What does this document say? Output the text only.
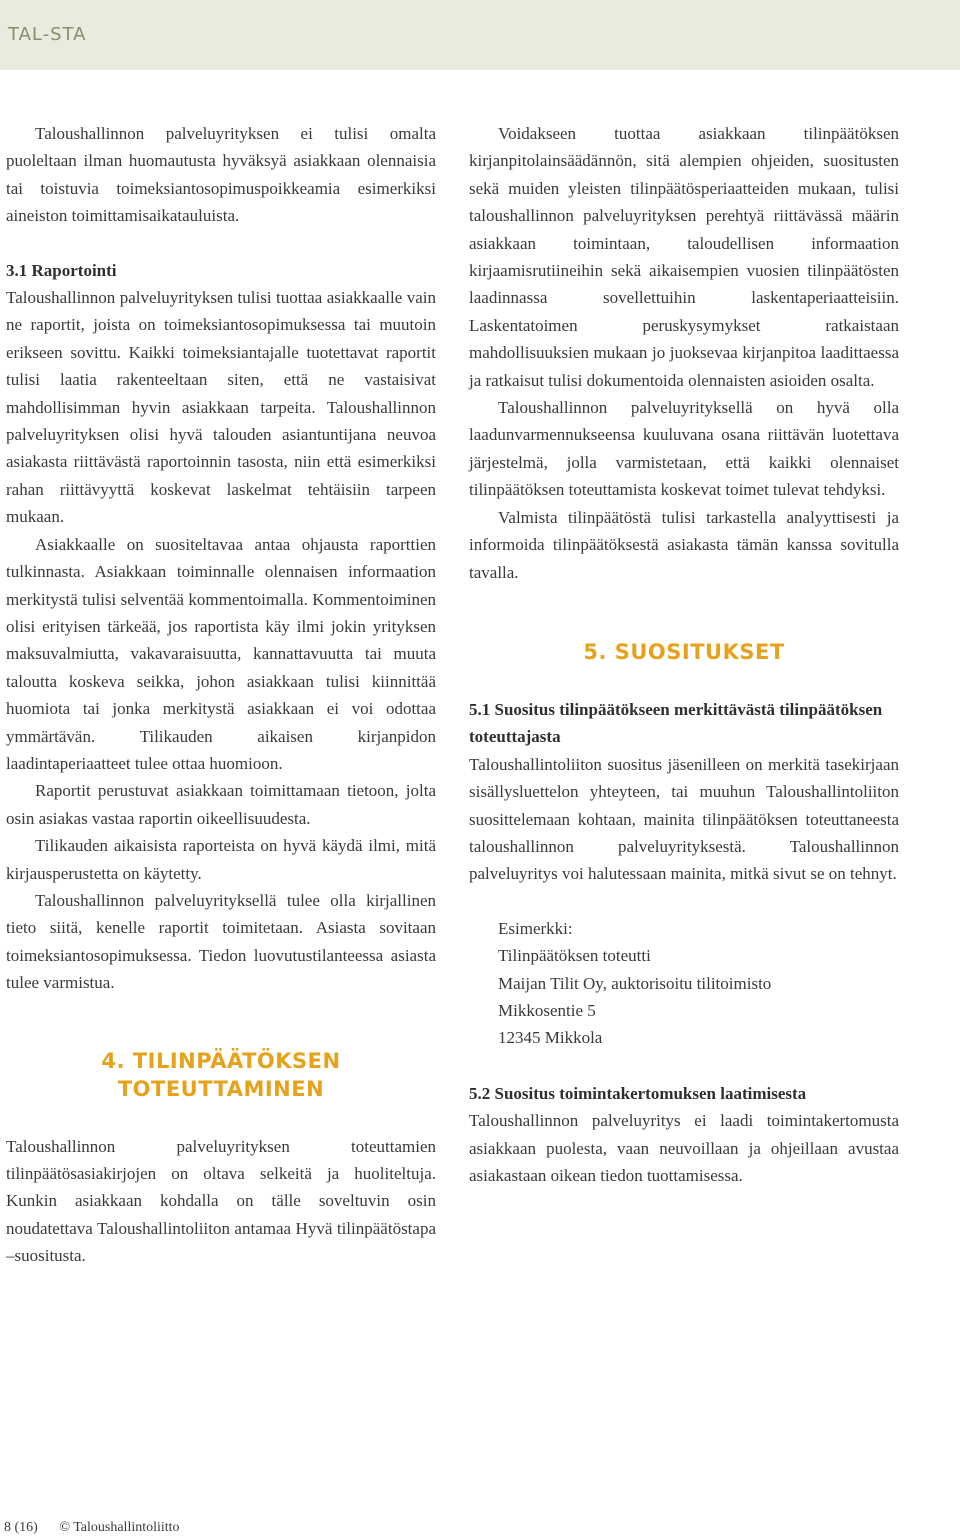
TAL-STA

Taloushallinnon palveluyrityksen ei tulisi omalta puoleltaan ilman huomautusta hyväksyä asiakkaan olennaisia tai toistuvia toimeksiantosopimuspoikkeamia esimerkiksi aineiston toimittamisaikatauluista.

3.1 Raportointi

Taloushallinnon palveluyrityksen tulisi tuottaa asiakkaalle vain ne raportit, joista on toimeksiantosopimuksessa tai muutoin erikseen sovittu. Kaikki toimeksiantajalle tuotettavat raportit tulisi laatia rakenteeltaan siten, että ne vastaisivat mahdollisimman hyvin asiakkaan tarpeita. Taloushallinnon palveluyrityksen olisi hyvä talouden asiantuntijana neuvoa asiakasta riittävästä raportoinnin tasosta, niin että esimerkiksi rahan riittävyyttä koskevat laskelmat tehtäisiin tarpeen mukaan.

Asiakkaalle on suositeltavaa antaa ohjausta raporttien tulkinnasta. Asiakkaan toiminnalle olennaisen informaation merkitystä tulisi selventää kommentoimalla. Kommentoiminen olisi erityisen tärkeää, jos raportista käy ilmi jokin yrityksen maksuvalmiutta, vakavaraisuutta, kannattavuutta tai muuta taloutta koskeva seikka, johon asiakkaan tulisi kiinnittää huomiota tai jonka merkitystä asiakkaan ei voi odottaa ymmärtävän. Tilikauden aikaisen kirjanpidon laadintaperiaatteet tulee ottaa huomioon.

Raportit perustuvat asiakkaan toimittamaan tietoon, jolta osin asiakas vastaa raportin oikeellisuudesta.

Tilikauden aikaisista raporteista on hyvä käydä ilmi, mitä kirjausperustetta on käytetty.

Taloushallinnon palveluyrityksellä tulee olla kirjallinen tieto siitä, kenelle raportit toimitetaan. Asiasta sovitaan toimeksiantosopimuksessa. Tiedon luovutustilanteessa asiasta tulee varmistua.

4. TILINPÄÄTÖKSEN
TOTEUTTAMINEN

Taloushallinnon palveluyrityksen toteuttamien tilinpäätösasiakirjojen on oltava selkeitä ja huoliteltuja. Kunkin asiakkaan kohdalla on tälle soveltuvin osin noudatettava Taloushallintoliiton antamaa Hyvä tilinpäätöstapa –suositusta.

Voidakseen tuottaa asiakkaan tilinpäätöksen kirjanpitolainsäädännön, sitä alempien ohjeiden, suositusten sekä muiden yleisten tilinpäätösperiaatteiden mukaan, tulisi taloushallinnon palveluyrityksen perehtyä riittävässä määrin asiakkaan toimintaan, taloudellisen informaation kirjaamisrutiineihin sekä aikaisempien vuosien tilinpäätösten laadinnassa sovellettuihin laskentaperiaatteisiin. Laskentatoimen peruskysymykset ratkaistaan mahdollisuuksien mukaan jo juoksevaa kirjanpitoa laadittaessa ja ratkaisut tulisi dokumentoida olennaisten asioiden osalta.

Taloushallinnon palveluyrityksellä on hyvä olla laadunvarmennukseensa kuuluvana osana riittävän luotettava järjestelmä, jolla varmistetaan, että kaikki olennaiset tilinpäätöksen toteuttamista koskevat toimet tulevat tehdyksi.

Valmista tilinpäätöstä tulisi tarkastella analyyttisesti ja informoida tilinpäätöksestä asiakasta tämän kanssa sovitulla tavalla.

5. SUOSITUKSET
5.1 Suositus tilinpäätökseen merkittävästä tilinpäätöksen toteuttajasta

Taloushallintoliiton suositus jäsenilleen on merkitä tasekirjaan sisällysluettelon yhteyteen, tai muuhun Taloushallintoliiton suosittelemaan kohtaan, mainita tilinpäätöksen toteuttaneesta taloushallinnon palveluyrityksestä. Taloushallinnon palveluyritys voi halutessaan mainita, mitkä sivut se on tehnyt.

Esimerkki:
Tilinpäätöksen toteutti
Maijan Tilit Oy, auktorisoitu tilitoimisto
Mikkosentie 5
12345 Mikkola
5.2 Suositus toimintakertomuksen laatimisesta

Taloushallinnon palveluyritys ei laadi toimintakertomusta asiakkaan puolesta, vaan neuvoillaan ja ohjeillaan avustaa asiakastaan oikean tiedon tuottamisessa.

8 (16) © Taloushallintoliitto
